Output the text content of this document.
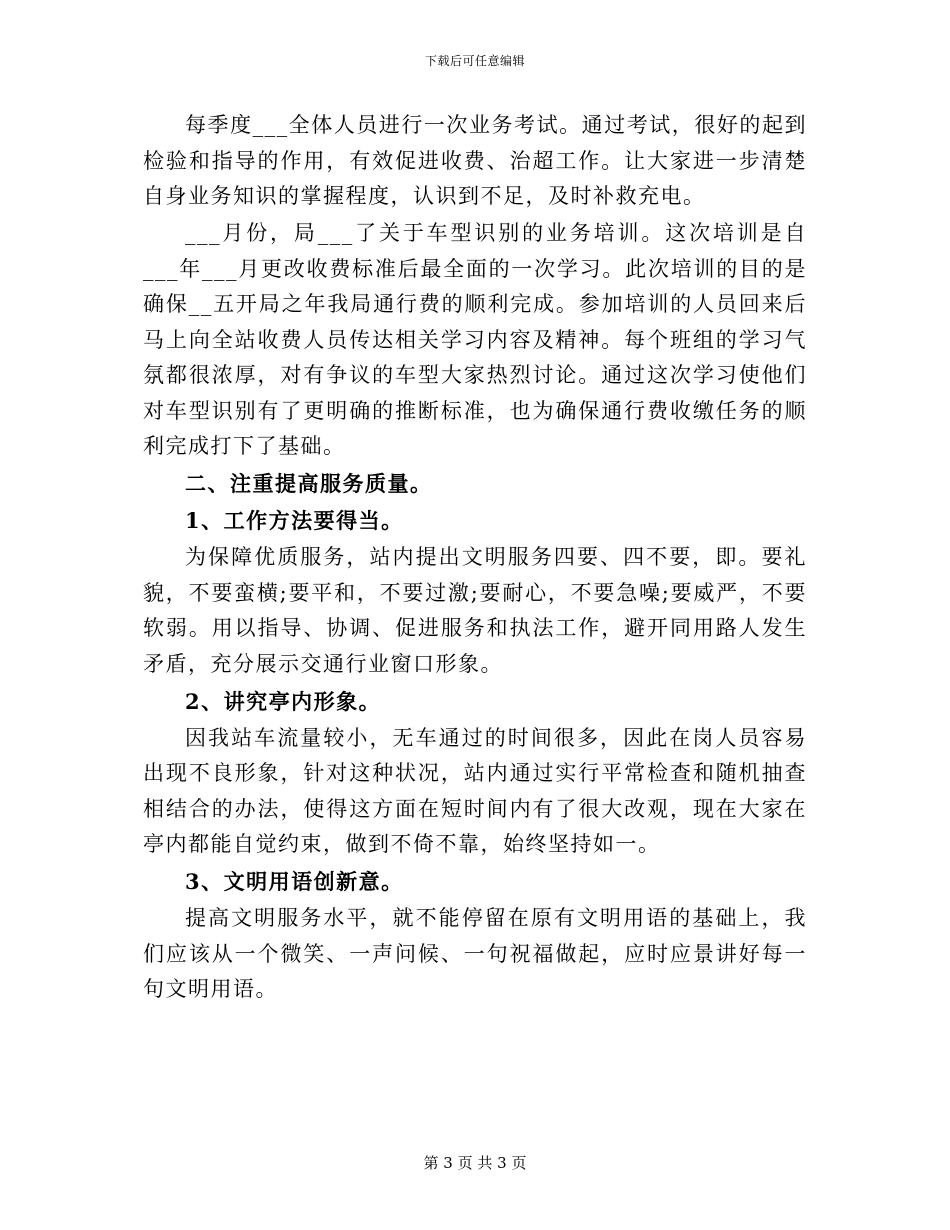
下载后可任意编辑

每季度___全体人员进行一次业务考试。通过考试，很好的起到检验和指导的作用，有效促进收费、治超工作。让大家进一步清楚自身业务知识的掌握程度，认识到不足，及时补救充电。

___月份，局___了关于车型识别的业务培训。这次培训是自___年___月更改收费标准后最全面的一次学习。此次培训的目的是确保__五开局之年我局通行费的顺利完成。参加培训的人员回来后马上向全站收费人员传达相关学习内容及精神。每个班组的学习气氛都很浓厚，对有争议的车型大家热烈讨论。通过这次学习使他们对车型识别有了更明确的推断标准，也为确保通行费收缴任务的顺利完成打下了基础。

二、注重提高服务质量。

1、工作方法要得当。

为保障优质服务，站内提出文明服务四要、四不要，即。要礼貌，不要蛮横;要平和，不要过激;要耐心，不要急噪;要威严，不要软弱。用以指导、协调、促进服务和执法工作，避开同用路人发生矛盾，充分展示交通行业窗口形象。

2、讲究亭内形象。

因我站车流量较小，无车通过的时间很多，因此在岗人员容易出现不良形象，针对这种状况，站内通过实行平常检查和随机抽查相结合的办法，使得这方面在短时间内有了很大改观，现在大家在亭内都能自觉约束，做到不倚不靠，始终坚持如一。

3、文明用语创新意。

提高文明服务水平，就不能停留在原有文明用语的基础上，我们应该从一个微笑、一声问候、一句祝福做起，应时应景讲好每一句文明用语。

第 3 页 共 3 页
